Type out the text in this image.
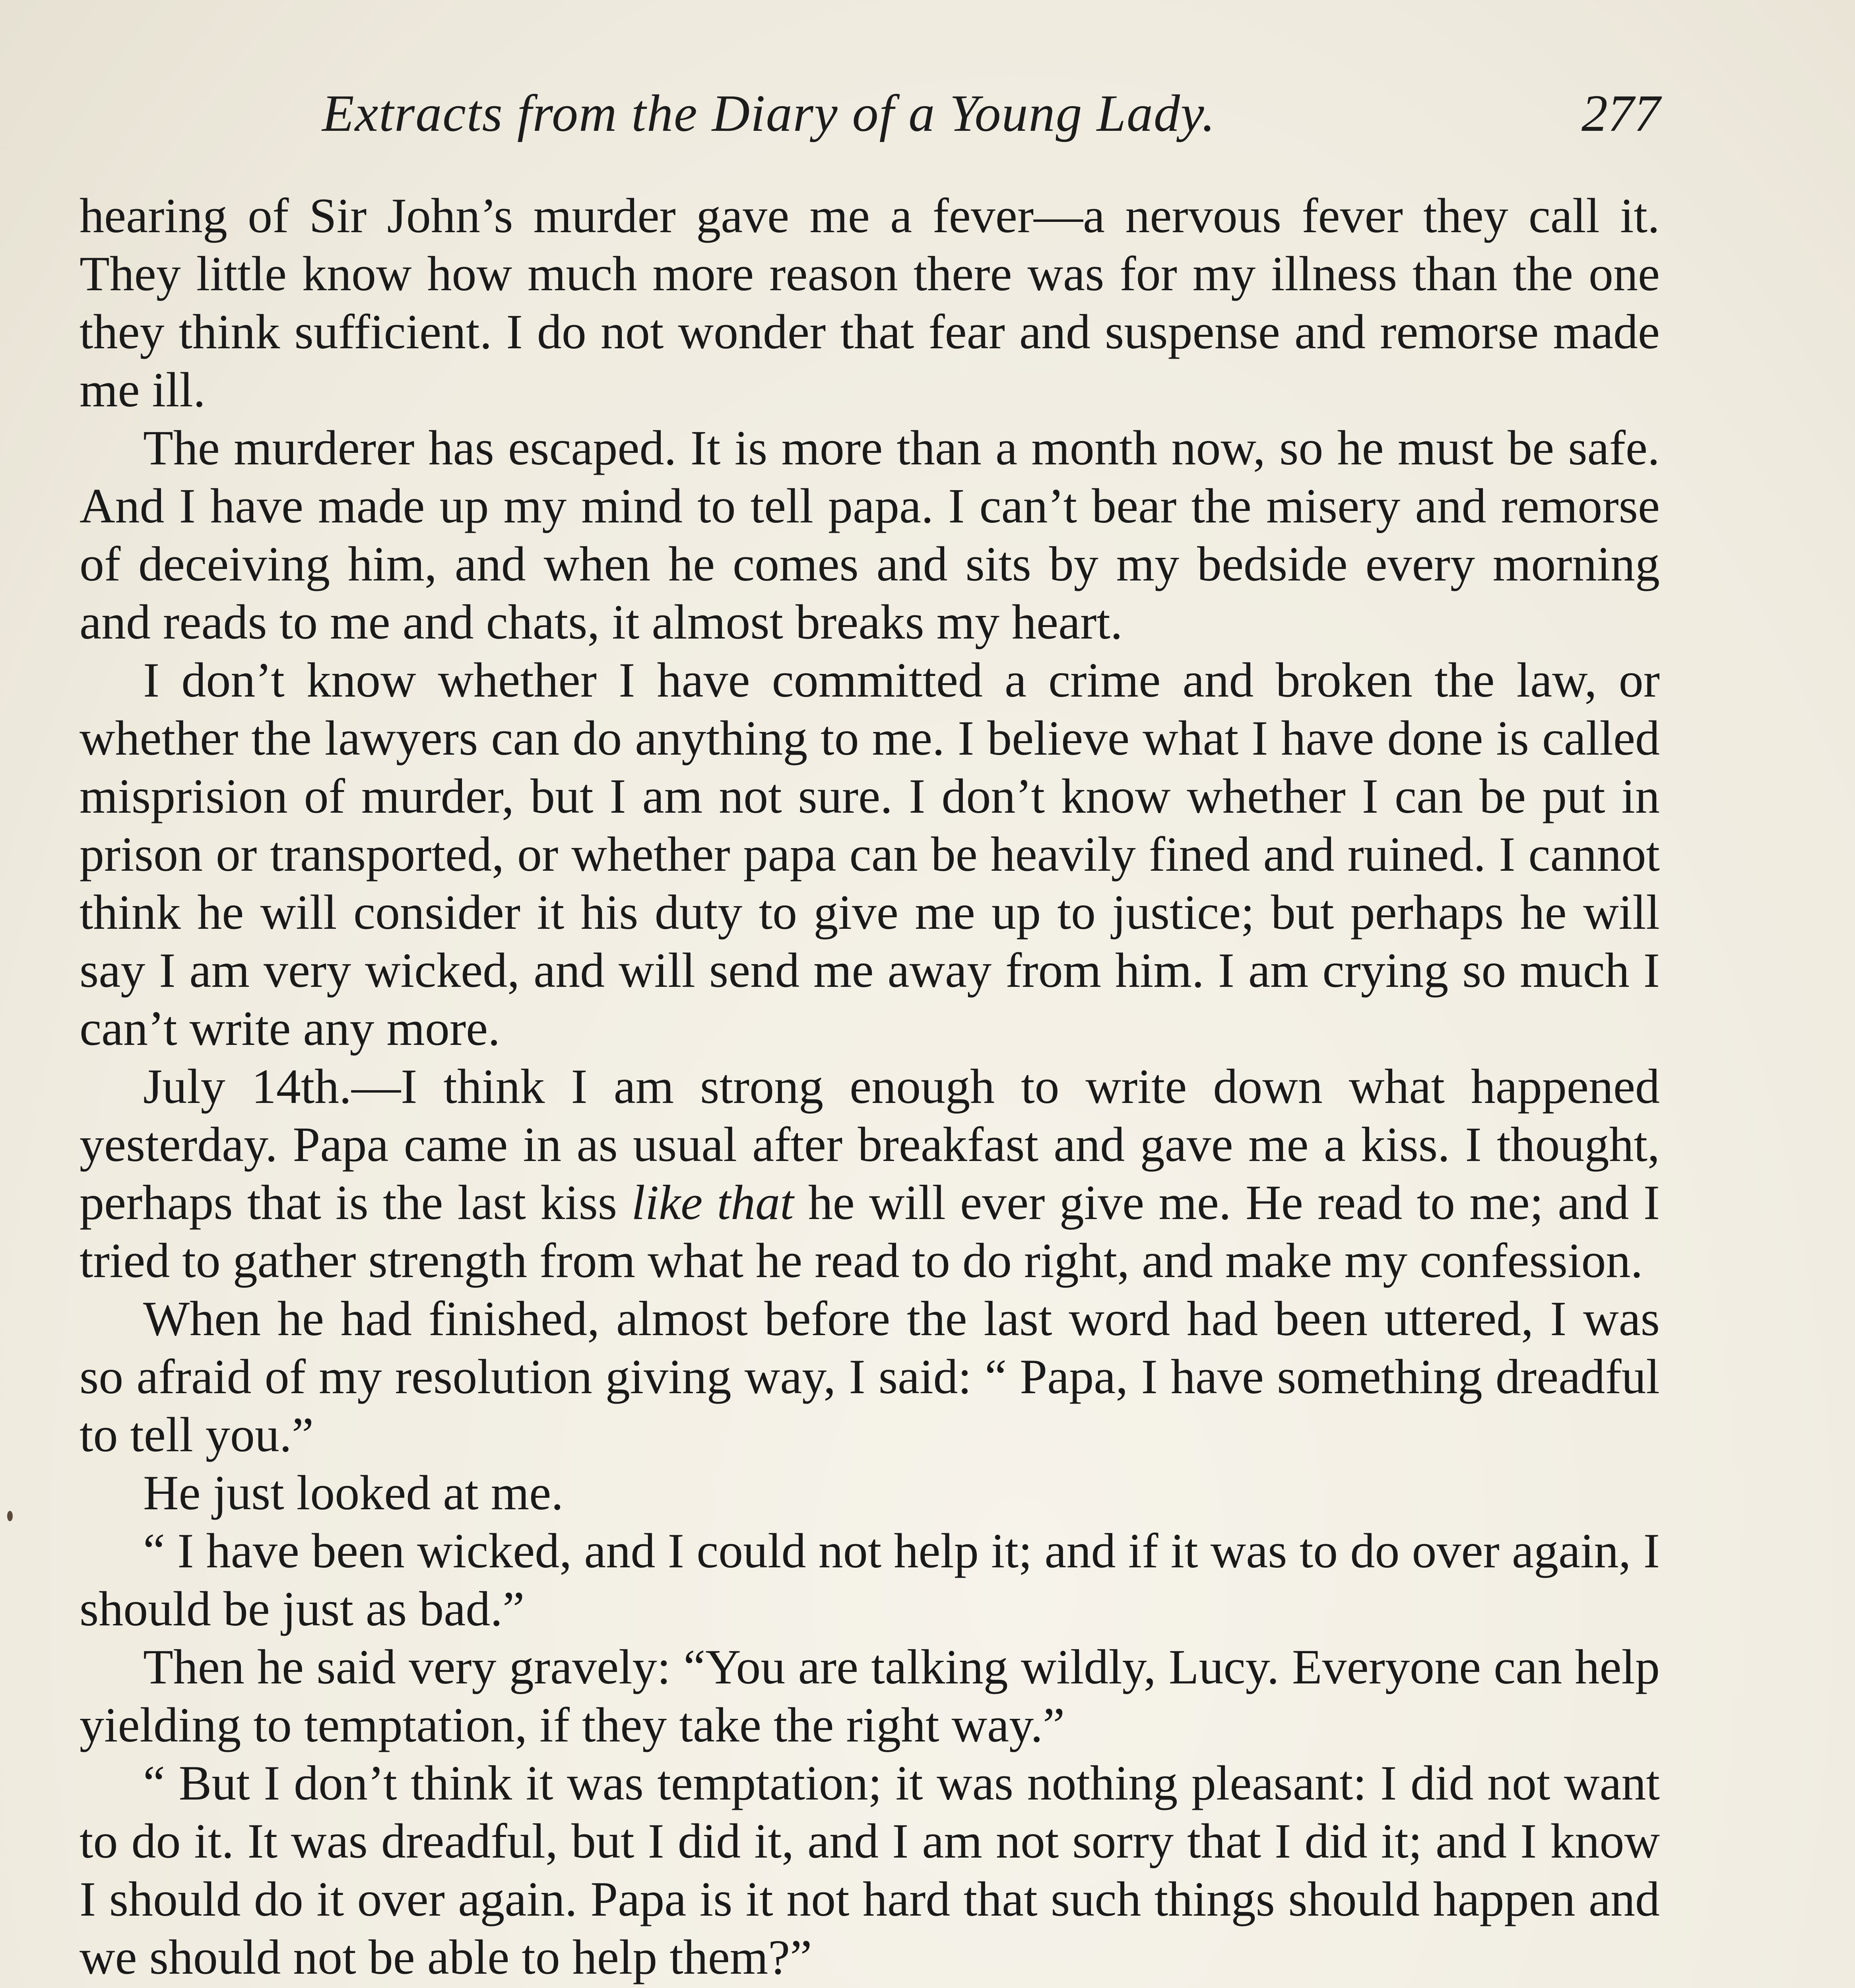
Extracts from the Diary of a Young Lady.	277

hearing of Sir John’s murder gave me a fever—a nervous fever they call it. They little know how much more reason there was for my illness than the one they think sufficient. I do not wonder that fear and suspense and remorse made me ill.

The murderer has escaped. It is more than a month now, so he must be safe. And I have made up my mind to tell papa. I can’t bear the misery and remorse of deceiving him, and when he comes and sits by my bedside every morning and reads to me and chats, it almost breaks my heart.

I don’t know whether I have committed a crime and broken the law, or whether the lawyers can do anything to me. I believe what I have done is called misprision of murder, but I am not sure. I don’t know whether I can be put in prison or transported, or whether papa can be heavily fined and ruined. I cannot think he will consider it his duty to give me up to justice; but perhaps he will say I am very wicked, and will send me away from him. I am crying so much I can’t write any more.

July 14th.—I think I am strong enough to write down what happened yesterday. Papa came in as usual after breakfast and gave me a kiss. I thought, perhaps that is the last kiss like that he will ever give me. He read to me; and I tried to gather strength from what he read to do right, and make my confession.

When he had finished, almost before the last word had been uttered, I was so afraid of my resolution giving way, I said: “ Papa, I have something dreadful to tell you.”

He just looked at me.

“ I have been wicked, and I could not help it; and if it was to do over again, I should be just as bad.”

Then he said very gravely: “You are talking wildly, Lucy. Everyone can help yielding to temptation, if they take the right way.”

“ But I don’t think it was temptation; it was nothing pleasant: I did not want to do it. It was dreadful, but I did it, and I am not sorry that I did it; and I know I should do it over again. Papa is it not hard that such things should happen and we should not be able to help them?”
